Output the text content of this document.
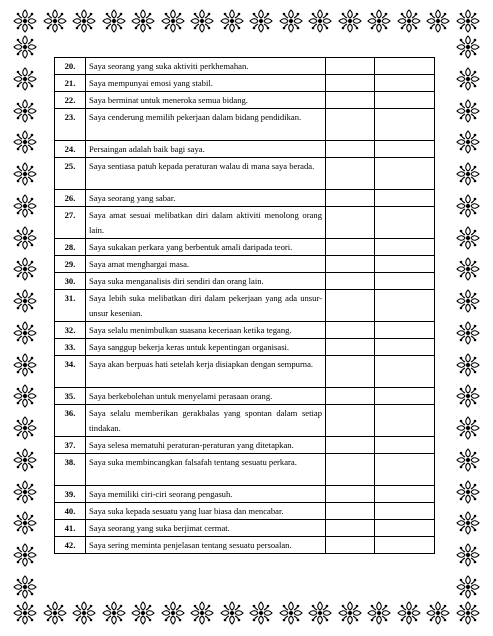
20.	Saya seorang yang suka aktiviti perkhemahan.		
21.	Saya mempunyai emosi yang stabil.		
22.	Saya berminat untuk meneroka semua bidang.		
23.	Saya cenderung memilih pekerjaan dalam bidang pendidikan.		
24.	Persaingan adalah baik bagi saya.		
25.	Saya sentiasa patuh kepada peraturan walau di mana saya berada.		
26.	Saya seorang yang sabar.		
27.	Saya amat sesuai melibatkan diri dalam aktiviti menolong orang lain.		
28.	Saya sukakan perkara yang berbentuk amali daripada teori.		
29.	Saya amat menghargai masa.		
30.	Saya suka menganalisis diri sendiri dan orang lain.		
31.	Saya lebih suka melibatkan diri dalam pekerjaan yang ada unsur-unsur kesenian.		
32.	Saya selalu menimbulkan suasana keceriaan ketika tegang.		
33.	Saya sanggup bekerja keras untuk kepentingan organisasi.		
34.	Saya akan berpuas hati setelah kerja disiapkan dengan sempurna.		
35.	Saya berkebolehan untuk menyelami perasaan orang.		
36.	Saya selalu memberikan gerakbalas yang spontan dalam setiap tindakan.		
37.	Saya selesa mematuhi peraturan-peraturan yang ditetapkan.		
38.	Saya suka membincangkan falsafah tentang sesuatu perkara.		
39.	Saya memiliki ciri-ciri seorang pengasuh.		
40.	Saya suka kepada sesuatu yang luar biasa dan mencabar.		
41.	Saya seorang yang suka berjimat cermat.		
42.	Saya sering meminta penjelasan tentang sesuatu persoalan.		
